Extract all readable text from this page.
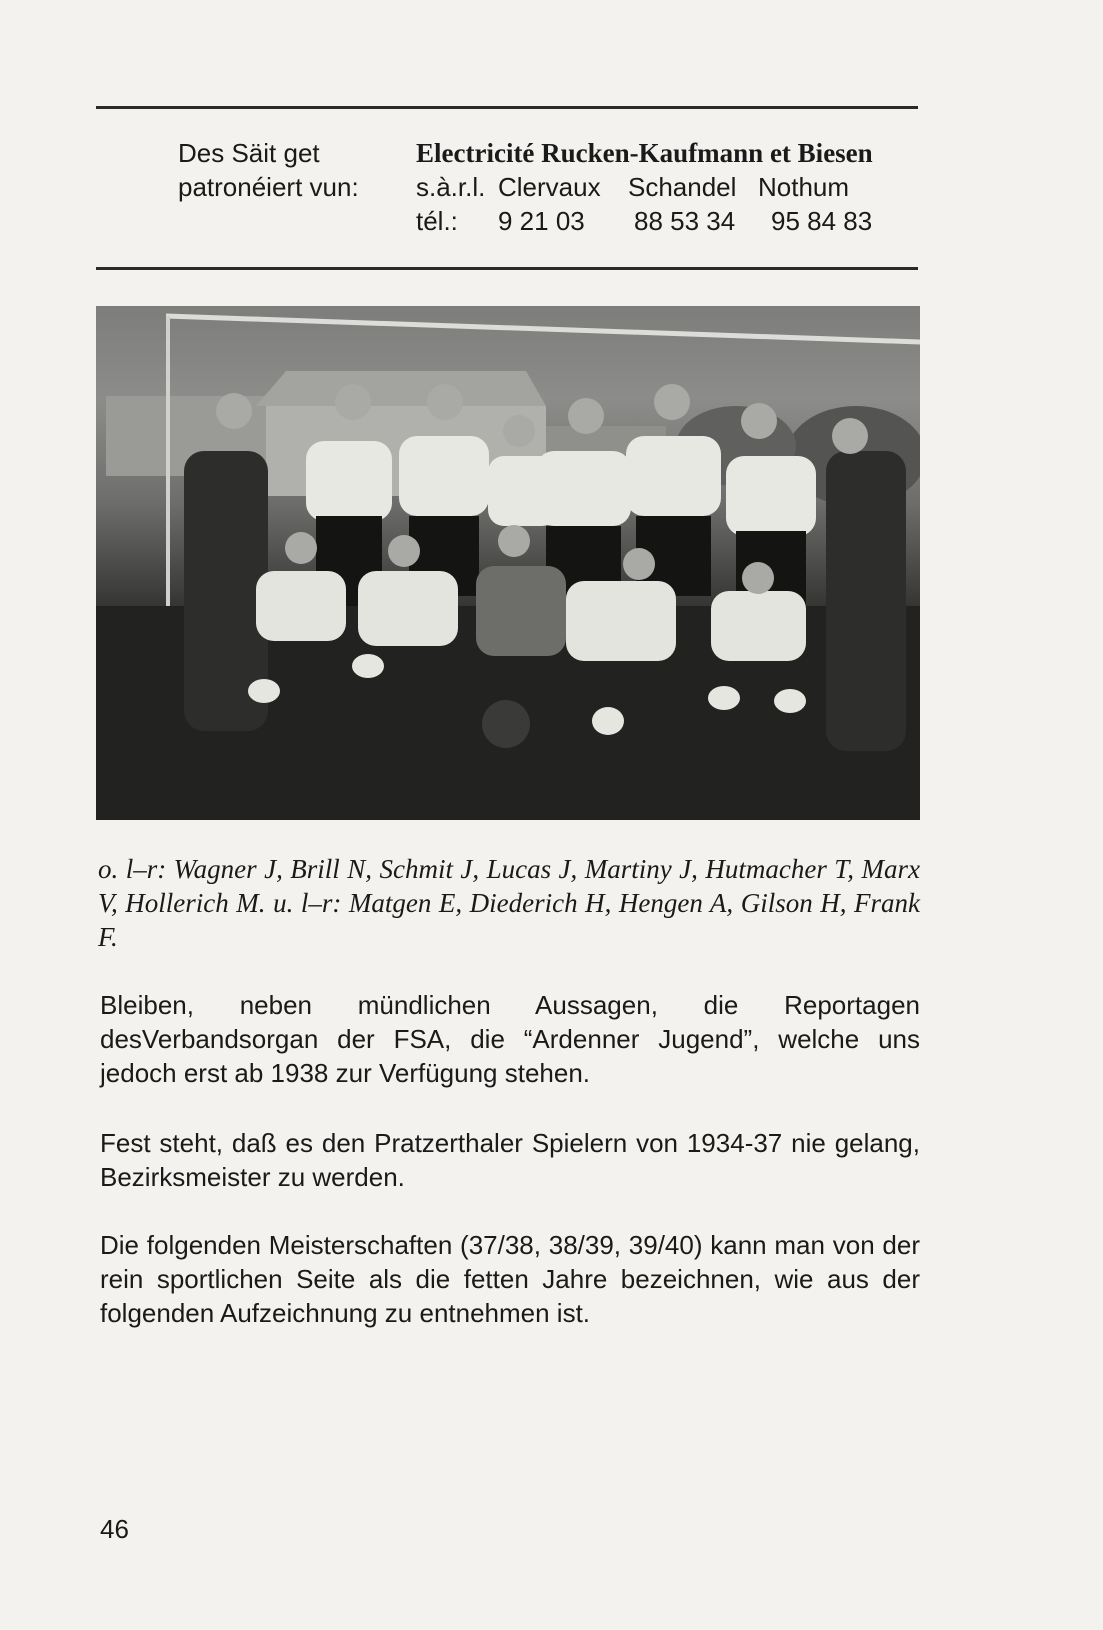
Des Säit get
patronéiert vun:
Electricité Rucken-Kaufmann et Biesen
s.à.r.l. Clervaux Schandel Nothum
tél.: 9 21 03 88 53 34 95 84 83
o. l–r: Wagner J, Brill N, Schmit J, Lucas J, Martiny J, Hutmacher T, Marx V, Hollerich M. u. l–r: Matgen E, Diederich H, Hengen A, Gilson H, Frank F.
Bleiben, neben mündlichen Aussagen, die Reportagen desVerbandsorgan der FSA, die “Ardenner Jugend”, welche uns jedoch erst ab 1938 zur Verfügung stehen.
Fest steht, daß es den Pratzerthaler Spielern von 1934-37 nie gelang, Bezirksmeister zu werden.
Die folgenden Meisterschaften (37/38, 38/39, 39/40) kann man von der rein sportlichen Seite als die fetten Jahre bezeichnen, wie aus der folgenden Aufzeichnung zu entnehmen ist.
46
